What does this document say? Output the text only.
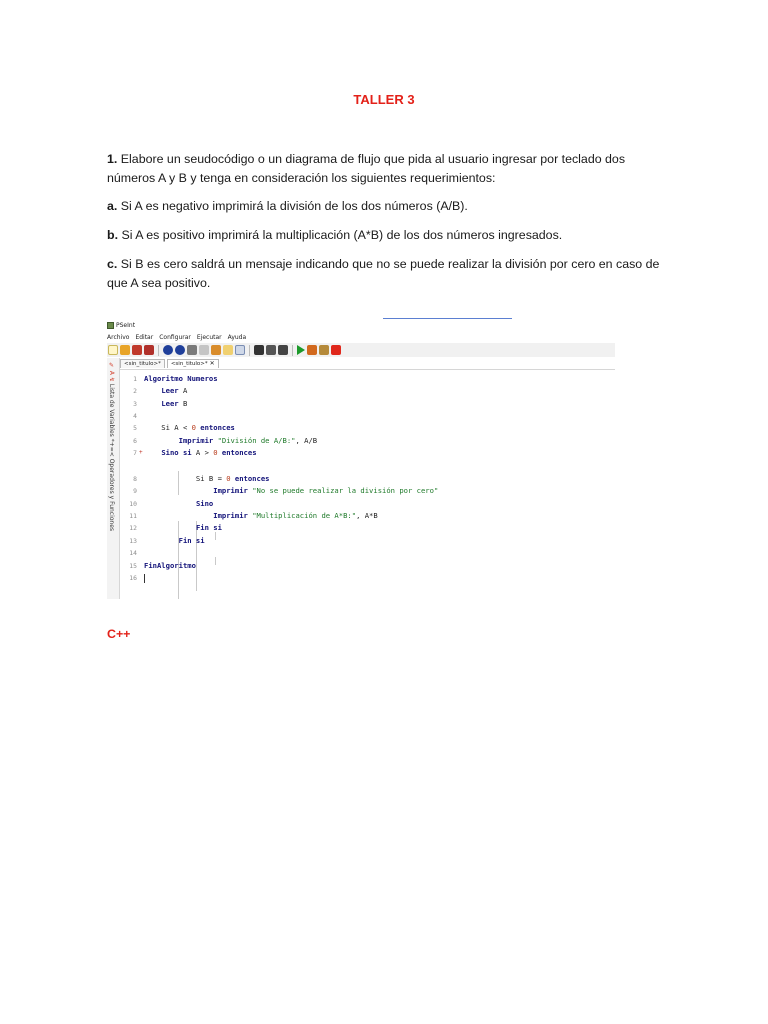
TALLER 3
1. Elabore un seudocódigo o un diagrama de flujo que pida al usuario ingresar por teclado dos números A y B y tenga en consideración los siguientes requerimientos:
a. Si A es negativo imprimirá la división de los dos números (A/B).
b. Si A es positivo imprimirá la multiplicación (A*B) de los dos números ingresados.
c. Si B es cero saldrá un mensaje indicando que no se puede realizar la división por cero en caso de que A sea positivo.
PSeInt
Archivo Editar Configurar Ejecutar Ayuda
✎ A ↯ Lista de Variables *+=< Operadores y Funciones
<sin_titulo>*	<sin_titulo>* ✕
1 Algoritmo Numeros
2	Leer A
3	Leer B
4
5 Si A < 0 entonces
6	Imprimir "División de A/B:", A/B
7 +	Sino si A > 0 entonces
8 Si B = 0 entonces
9	Imprimir "No se puede realizar la división por cero"
10	Sino
11	Imprimir "Multiplicación de A*B:", A*B
12	Fin si
13	Fin si
14
15 FinAlgoritmo
16
C++
